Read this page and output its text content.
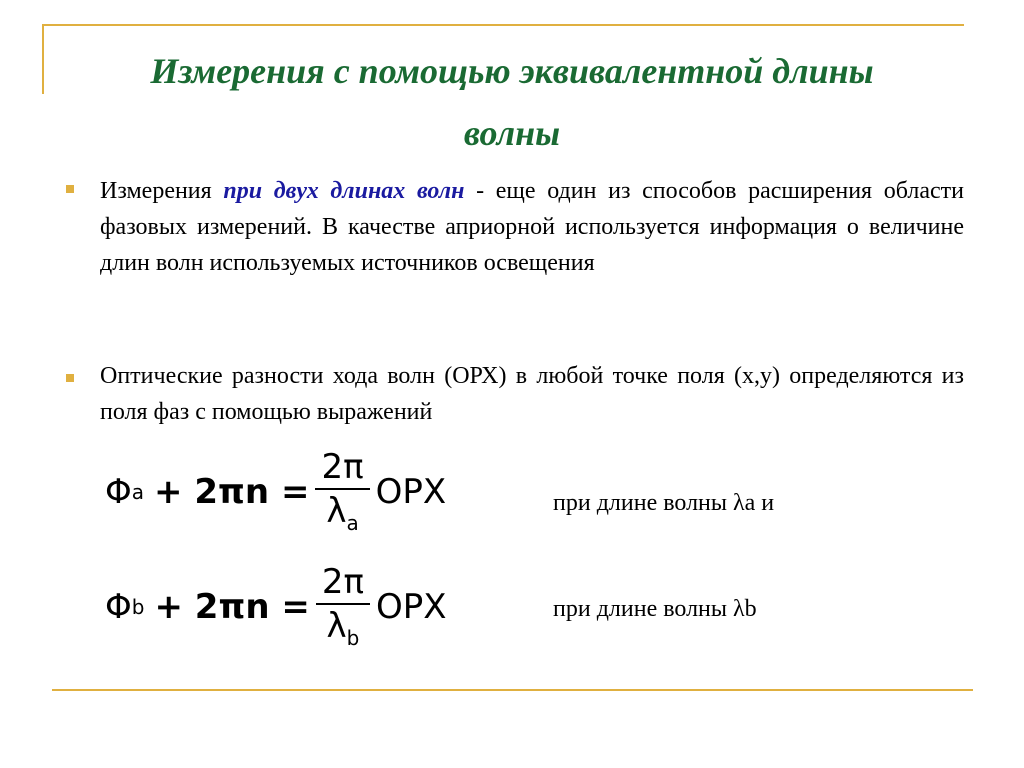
Измерения с помощью эквивалентной длины
волны
Измерения при двух длинах волн - еще один из способов расширения области фазовых измерений. В качестве априорной используется информация о величине длин волн используемых источников освещения
Оптические разности хода волн (ОРХ) в любой точке поля (x,y) определяются из поля фаз с помощью выражений
Φ $a + 2\pi n = \frac{2\pi}{\lambda_a}$ ОРХ
Φ $b + 2\pi n = \frac{2\pi}{\lambda_b}$ ОРХ
при длине волны λa и
при длине волны λb
